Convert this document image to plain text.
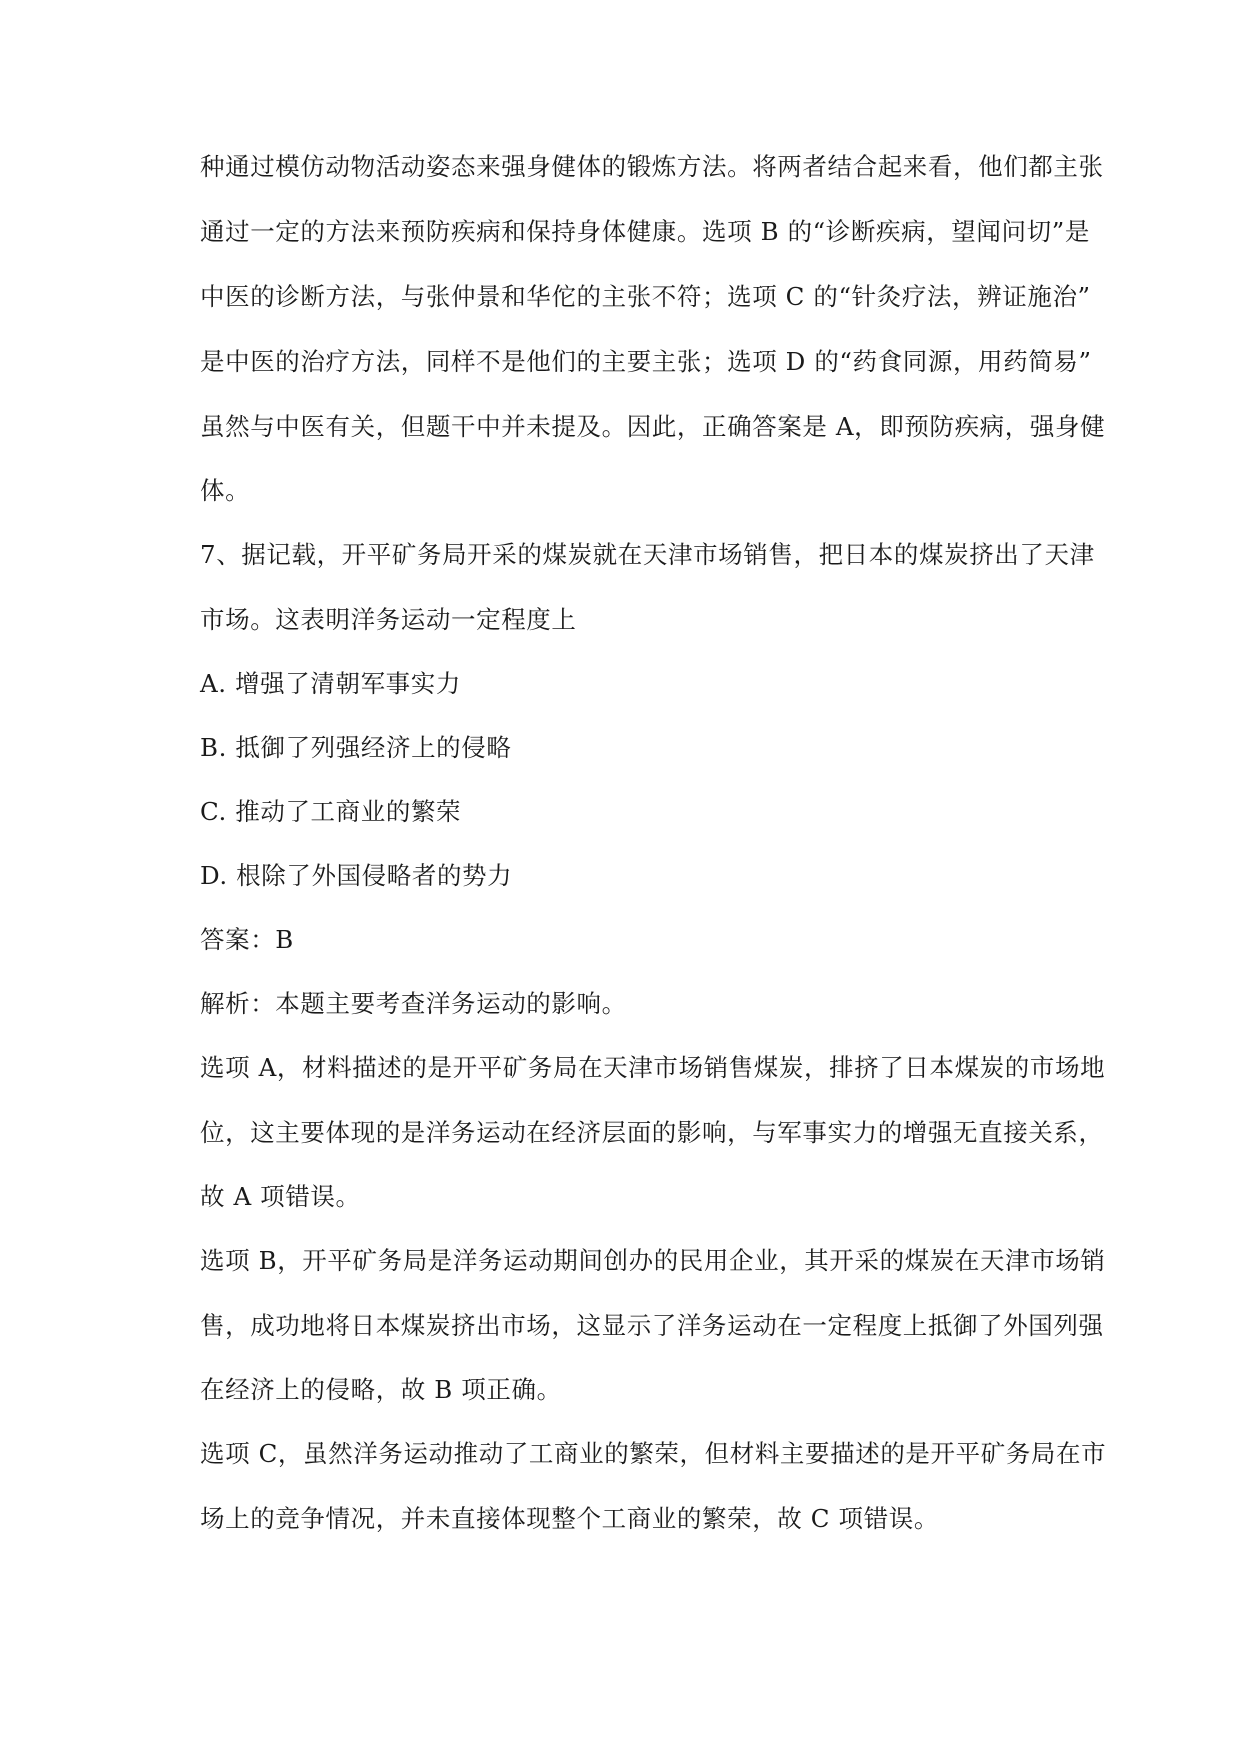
种通过模仿动物活动姿态来强身健体的锻炼方法。将两者结合起来看，他们都主张
通过一定的方法来预防疾病和保持身体健康。选项 B 的“诊断疾病，望闻问切”是
中医的诊断方法，与张仲景和华佗的主张不符；选项 C 的“针灸疗法，辨证施治”
是中医的治疗方法，同样不是他们的主要主张；选项 D 的“药食同源，用药简易”
虽然与中医有关，但题干中并未提及。因此，正确答案是 A，即预防疾病，强身健
体。
7、据记载，开平矿务局开采的煤炭就在天津市场销售，把日本的煤炭挤出了天津
市场。这表明洋务运动一定程度上
A. 增强了清朝军事实力
B. 抵御了列强经济上的侵略
C. 推动了工商业的繁荣
D. 根除了外国侵略者的势力
答案：B
解析：本题主要考查洋务运动的影响。
选项 A，材料描述的是开平矿务局在天津市场销售煤炭，排挤了日本煤炭的市场地
位，这主要体现的是洋务运动在经济层面的影响，与军事实力的增强无直接关系，
故 A 项错误。
选项 B，开平矿务局是洋务运动期间创办的民用企业，其开采的煤炭在天津市场销
售，成功地将日本煤炭挤出市场，这显示了洋务运动在一定程度上抵御了外国列强
在经济上的侵略，故 B 项正确。
选项 C，虽然洋务运动推动了工商业的繁荣，但材料主要描述的是开平矿务局在市
场上的竞争情况，并未直接体现整个工商业的繁荣，故 C 项错误。
